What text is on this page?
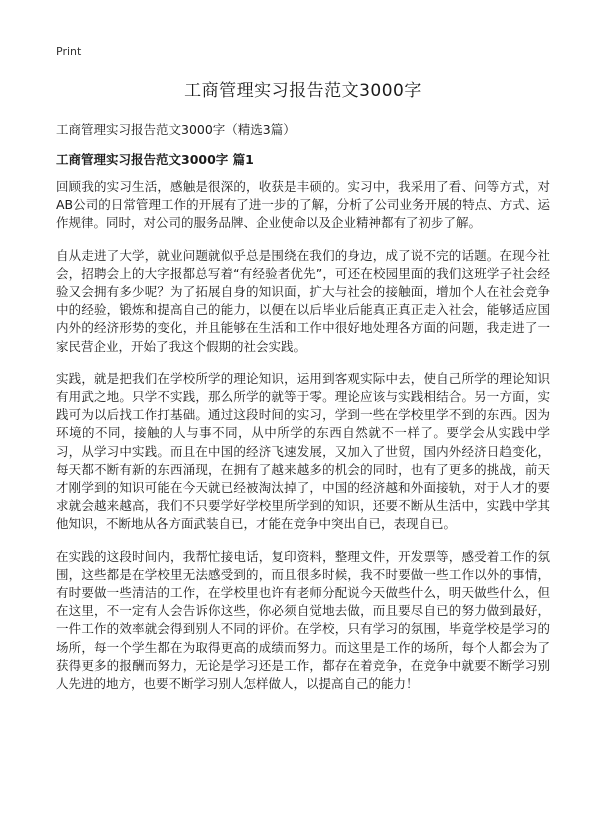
Print
工商管理实习报告范文3000字

工商管理实习报告范文3000字（精选3篇）

工商管理实习报告范文3000字 篇1

回顾我的实习生活，感触是很深的，收获是丰硕的。实习中，我采用了看、问等方式，对AB公司的日常管理工作的开展有了进一步的了解，分析了公司业务开展的特点、方式、运作规律。同时，对公司的服务品牌、企业使命以及企业精神都有了初步了解。

自从走进了大学，就业问题就似乎总是围绕在我们的身边，成了说不完的话题。在现今社会，招聘会上的大字报都总写着“有经验者优先”，可还在校园里面的我们这班学子社会经验又会拥有多少呢？为了拓展自身的知识面，扩大与社会的接触面，增加个人在社会竞争中的经验，锻炼和提高自己的能力，以便在以后毕业后能真正真正走入社会，能够适应国内外的经济形势的变化，并且能够在生活和工作中很好地处理各方面的问题，我走进了一家民营企业，开始了我这个假期的社会实践。

实践，就是把我们在学校所学的理论知识，运用到客观实际中去，使自己所学的理论知识有用武之地。只学不实践，那么所学的就等于零。理论应该与实践相结合。另一方面，实践可为以后找工作打基础。通过这段时间的实习，学到一些在学校里学不到的东西。因为环境的不同，接触的人与事不同，从中所学的东西自然就不一样了。要学会从实践中学习，从学习中实践。而且在中国的经济飞速发展，又加入了世贸，国内外经济日趋变化，每天都不断有新的东西涌现，在拥有了越来越多的机会的同时，也有了更多的挑战，前天才刚学到的知识可能在今天就已经被淘汰掉了，中国的经济越和外面接轨，对于人才的要求就会越来越高，我们不只要学好学校里所学到的知识，还要不断从生活中，实践中学其他知识，不断地从各方面武装自已，才能在竞争中突出自已，表现自已。

在实践的这段时间内，我帮忙接电话，复印资料，整理文件，开发票等，感受着工作的氛围，这些都是在学校里无法感受到的，而且很多时候，我不时要做一些工作以外的事情，有时要做一些清洁的工作，在学校里也许有老师分配说今天做些什么，明天做些什么，但在这里，不一定有人会告诉你这些，你必须自觉地去做，而且要尽自已的努力做到最好，一件工作的效率就会得到别人不同的评价。在学校，只有学习的氛围，毕竟学校是学习的场所，每一个学生都在为取得更高的成绩而努力。而这里是工作的场所，每个人都会为了获得更多的报酬而努力，无论是学习还是工作，都存在着竞争，在竞争中就要不断学习别人先进的地方，也要不断学习别人怎样做人，以提高自己的能力！
